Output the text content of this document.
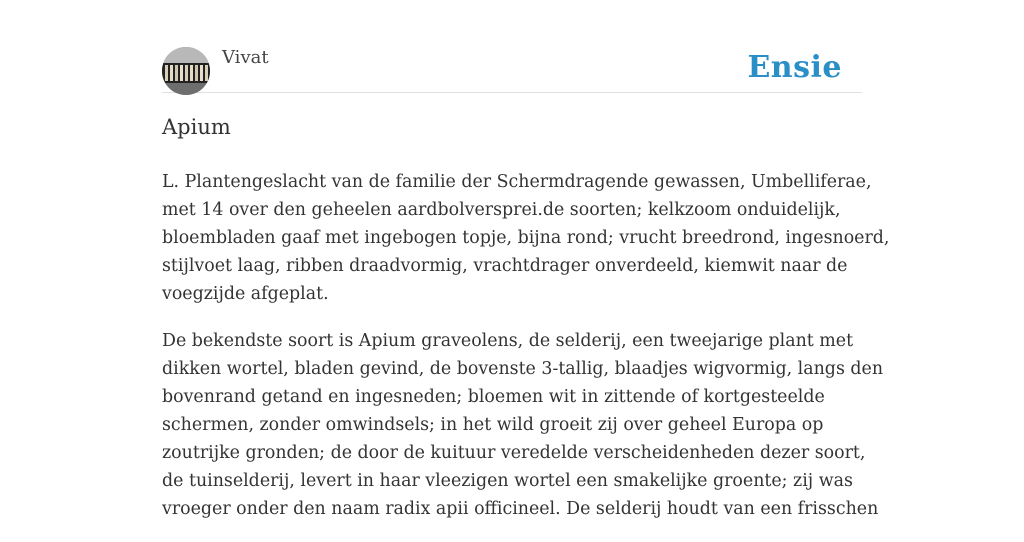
Vivat	Ensie
Apium

L. Plantengeslacht van de familie der Schermdragende gewassen, Umbelliferae,
met 14 over den geheelen aardbolversprei.de soorten; kelkzoom onduidelijk,
bloembladen gaaf met ingebogen topje, bijna rond; vrucht breedrond, ingesnoerd,
stijlvoet laag, ribben draadvormig, vrachtdrager onverdeeld, kiemwit naar de
voegzijde afgeplat.

De bekendste soort is Apium graveolens, de selderij, een tweejarige plant met
dikken wortel, bladen gevind, de bovenste 3-tallig, blaadjes wigvormig, langs den
bovenrand getand en ingesneden; bloemen wit in zittende of kortgesteelde
schermen, zonder omwindsels; in het wild groeit zij over geheel Europa op
zoutrijke gronden; de door de kuituur veredelde verscheidenheden dezer soort,
de tuinselderij, levert in haar vleezigen wortel een smakelijke groente; zij was
vroeger onder den naam radix apii officineel. De selderij houdt van een frisschen
